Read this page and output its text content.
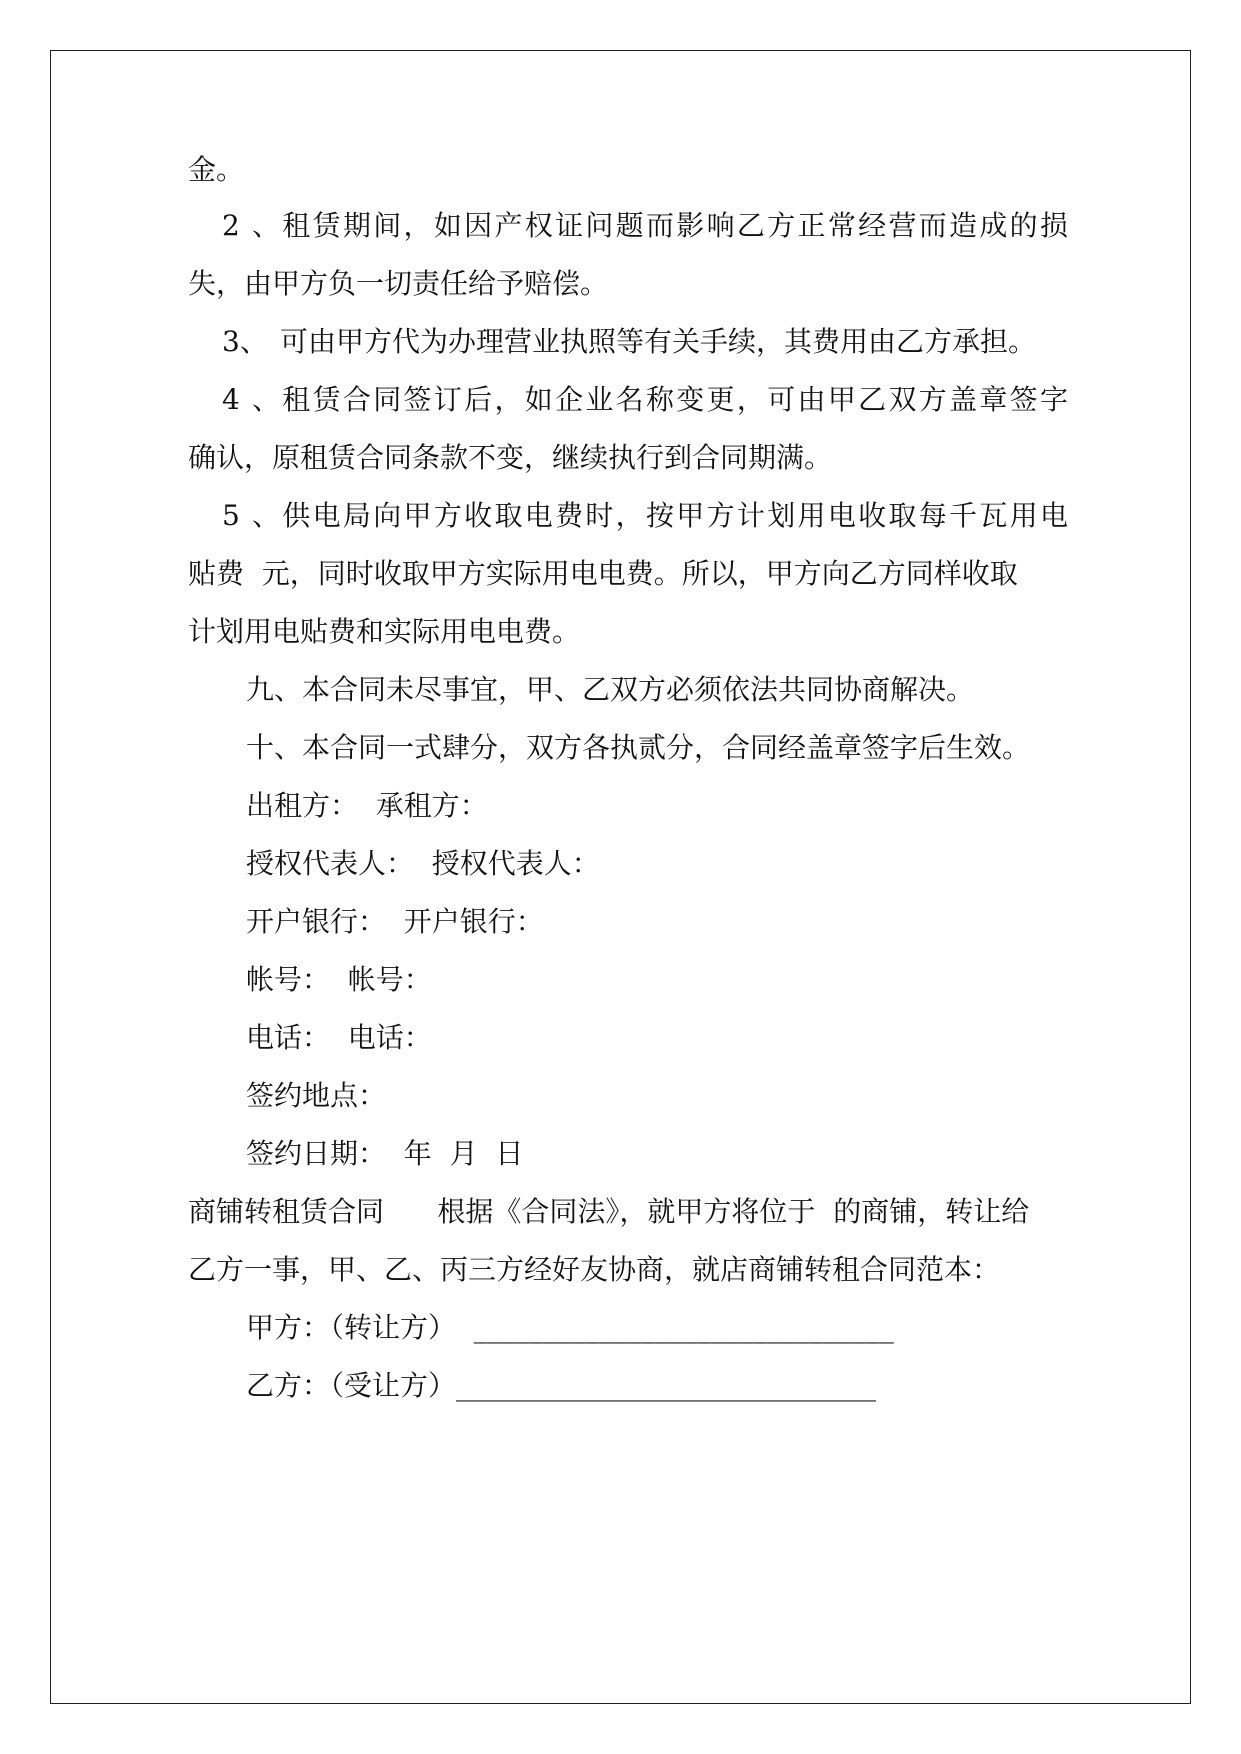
金。
2、租赁期间，如因产权证问题而影响乙方正常经营而造成的损
失，由甲方负一切责任给予赔偿。
3、 可由甲方代为办理营业执照等有关手续，其费用由乙方承担。
4、租赁合同签订后，如企业名称变更，可由甲乙双方盖章签字
确认，原租赁合同条款不变，继续执行到合同期满。
5、供电局向甲方收取电费时，按甲方计划用电收取每千瓦用电
贴费  元，同时收取甲方实际用电电费。所以，甲方向乙方同样收取
计划用电贴费和实际用电电费。
九、本合同未尽事宜，甲、乙双方必须依法共同协商解决。
十、本合同一式肆分，双方各执贰分，合同经盖章签字后生效。
出租方：  承租方：
授权代表人：  授权代表人：
开户银行：  开户银行：
帐号：  帐号：
电话：  电话：
签约地点：
签约日期：  年  月  日
商铺转租赁合同      根据《合同法》，就甲方将位于  的商铺，转让给
乙方一事，甲、乙、丙三方经好友协商，就店商铺转租合同范本：
甲方：（转让方）  ______________________________
乙方：（受让方）______________________________
